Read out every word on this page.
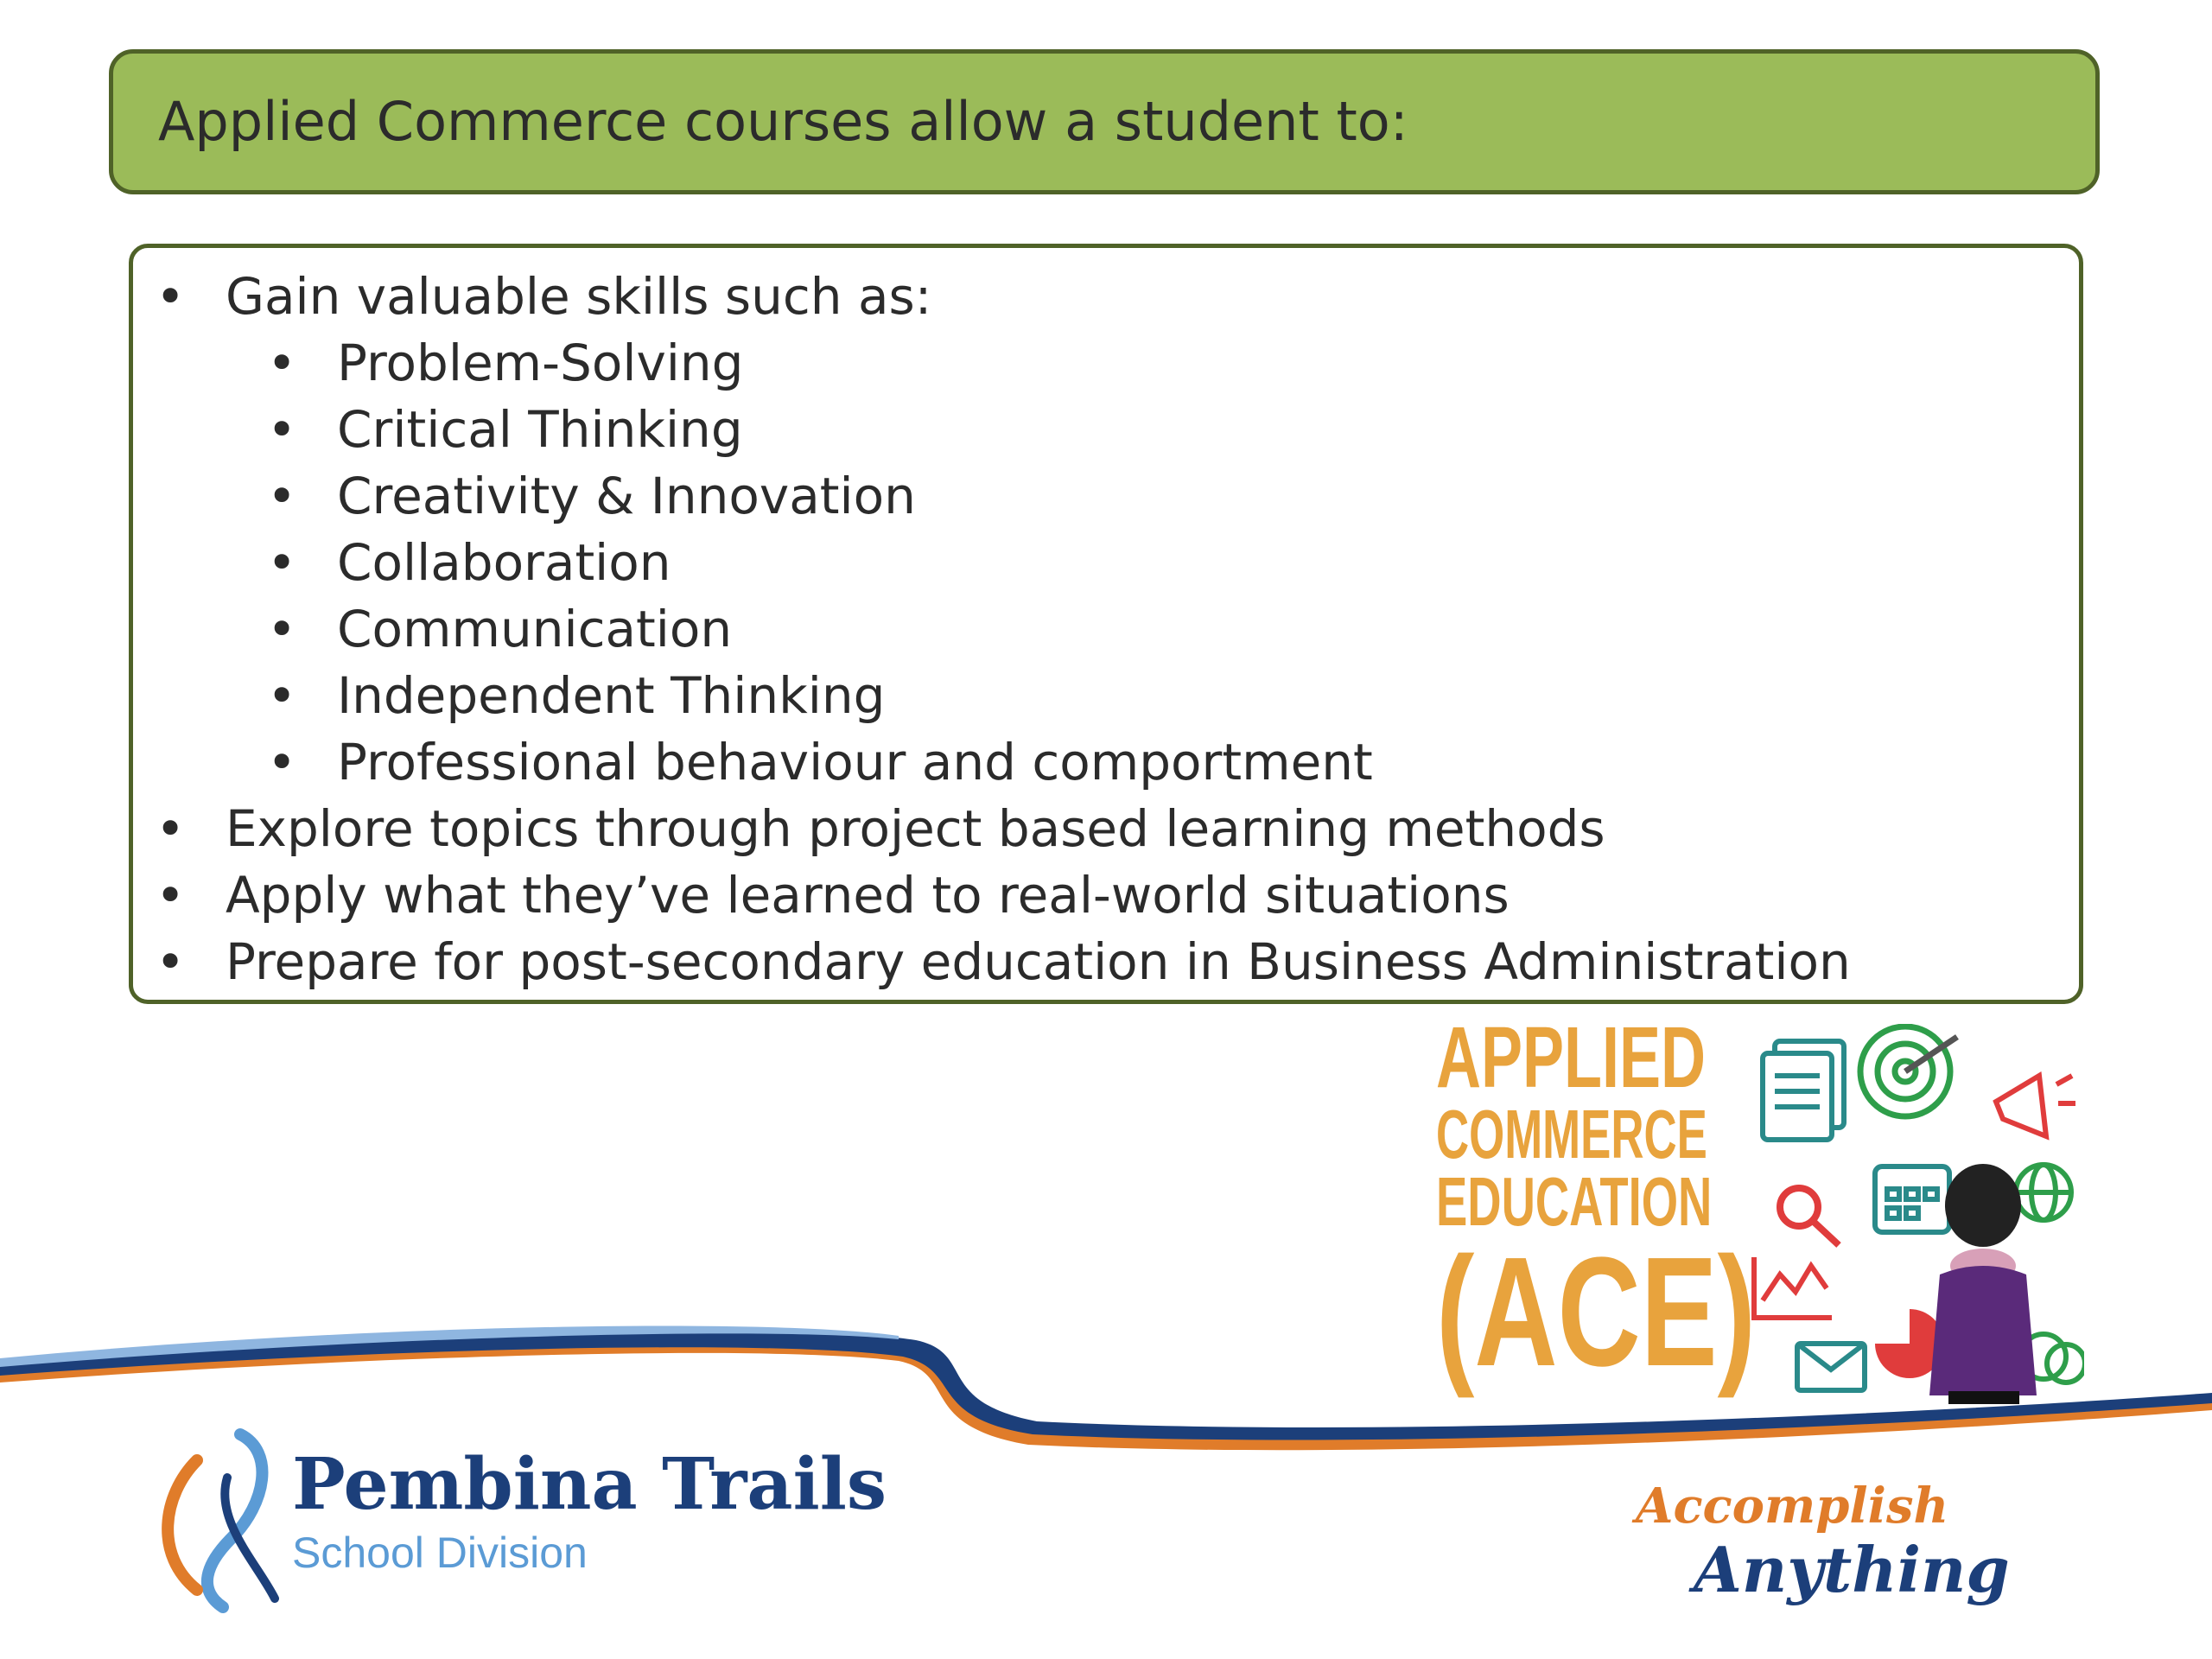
Applied Commerce courses allow a student to:
• Gain valuable skills such as:
• Problem-Solving
• Critical Thinking
• Creativity & Innovation
• Collaboration
• Communication
• Independent Thinking
• Professional behaviour and comportment
• Explore topics through project based learning methods
• Apply what they’ve learned to real-world situations
• Prepare for post-secondary education in Business Administration
APPLIED
COMMERCE
EDUCATION
(ACE)
Pembina Trails
School Division
Accomplish
Anything
